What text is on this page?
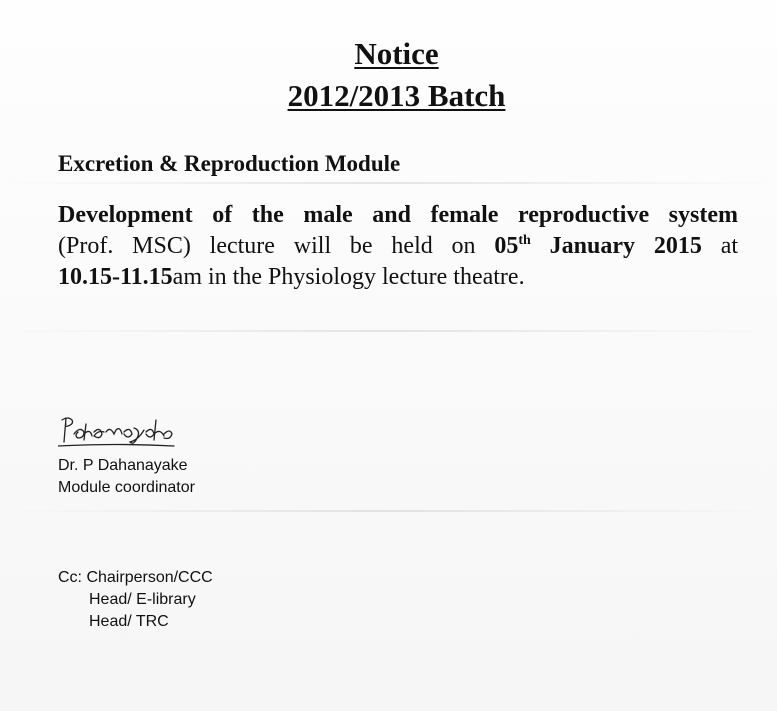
Notice
2012/2013 Batch
Excretion & Reproduction Module
Development of the male and female reproductive system
(Prof. MSC) lecture will be held on 05th January 2015 at
10.15-11.15am in the Physiology lecture theatre.
Dr. P Dahanayake
Module coordinator
Cc: Chairperson/CCC
Head/ E-library
Head/ TRC
